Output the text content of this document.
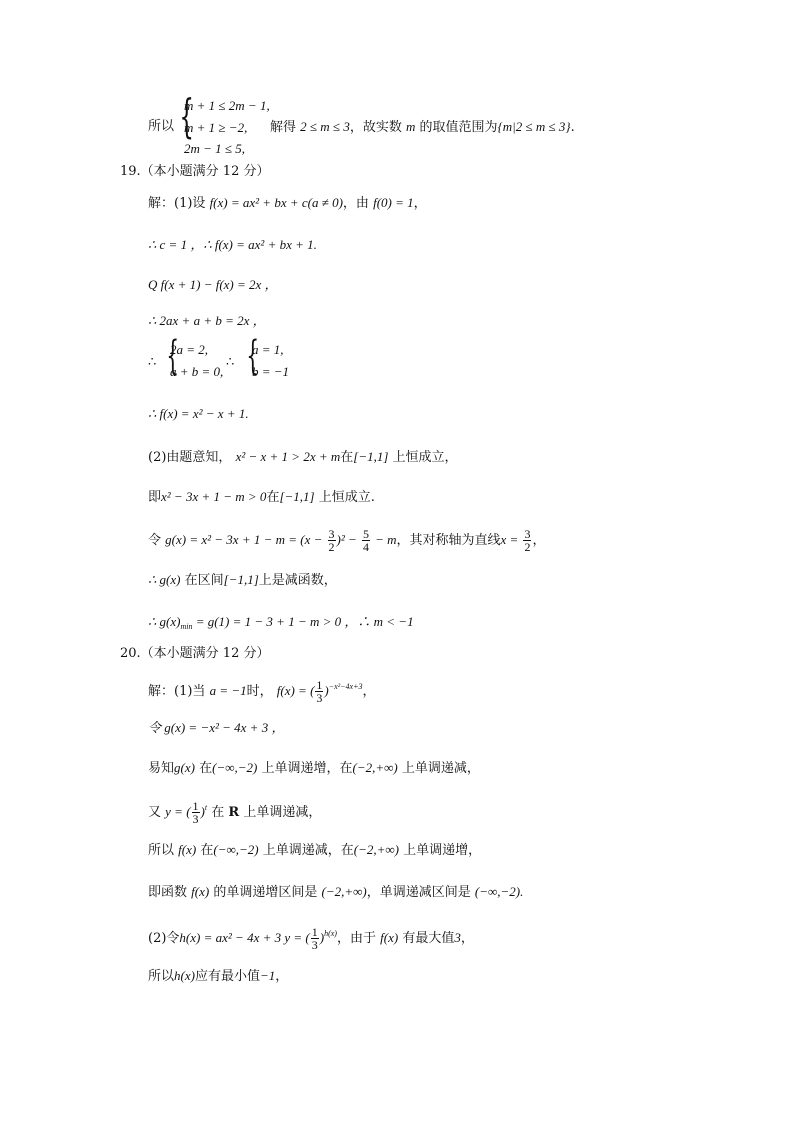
所以 {
m + 1 ≤ 2m − 1,
m + 1 ≥ −2,
2m − 1 ≤ 5,
解得 2 ≤ m ≤ 3，故实数 m 的取值范围为{m|2 ≤ m ≤ 3}.
19.（本小题满分 12 分）
解：(1)设 f(x) = ax² + bx + c(a ≠ 0)，由 f(0) = 1，
∴ c = 1 ，∴ f(x) = ax² + bx + 1.
Q f(x + 1) − f(x) = 2x ，
∴ 2ax + a + b = 2x ，
∴ {
2a = 2,
a + b = 0,
∴ {
a = 1,
b = −1
∴ f(x) = x² − x + 1.
(2)由题意知， x² − x + 1 > 2x + m在[−1,1] 上恒成立，
即x² − 3x + 1 − m > 0在[−1,1] 上恒成立.
令 $g(x) = x^2 - 3x + 1 - m = (x - \frac{3}{2} )^2 - \frac{5}{4} - m$，其对称轴为直线$x = \frac{3}{2}$ ，
∴ g(x) 在区间[−1,1]上是减函数，
∴ $g(x)_{min} = g(1) = 1 - 3 + 1 - m > 0$ ，∴ m < −1
20.（本小题满分 12 分）
解：(1)当 a = −1时， f(x) = ( $\frac{1}{3} )^{-x^2-4x+3}$，
令 g(x) = −x² − 4x + 3 ，
易知g(x) 在(−∞,−2) 上单调递增，在(−2,+∞) 上单调递减，
又 y = ( $\frac{1}{3} )^t$ 在 R 上单调递减，
所以 f(x) 在(−∞,−2) 上单调递减，在(−2,+∞) 上单调递增，
即函数 f(x) 的单调递增区间是 (−2,+∞)，单调递减区间是 (−∞,−2).
(2)令h(x) = ax² − 4x + 3 y = ( $\frac{1}{3} )^{h(x)}$，由于 f(x) 有最大值3，
所以h(x)应有最小值−1，
